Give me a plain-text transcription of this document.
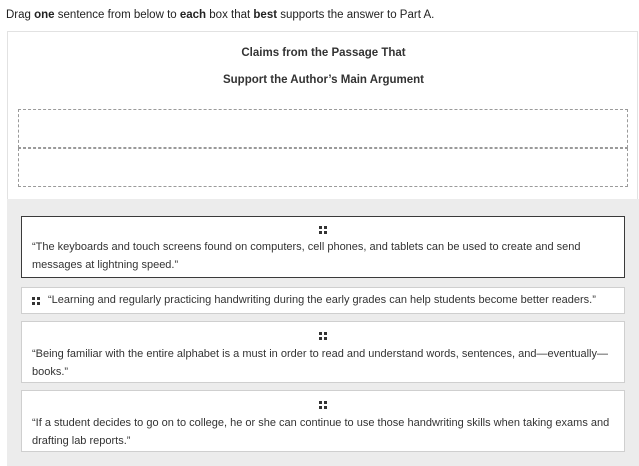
Drag one sentence from below to each box that best supports the answer to Part A.
Claims from the Passage That
Support the Author’s Main Argument
“The keyboards and touch screens found on computers, cell phones, and tablets can be used to create and send messages at lightning speed.”
“Learning and regularly practicing handwriting during the early grades can help students become better readers.”
“Being familiar with the entire alphabet is a must in order to read and understand words, sentences, and—eventually—books.”
“If a student decides to go on to college, he or she can continue to use those handwriting skills when taking exams and drafting lab reports.”
